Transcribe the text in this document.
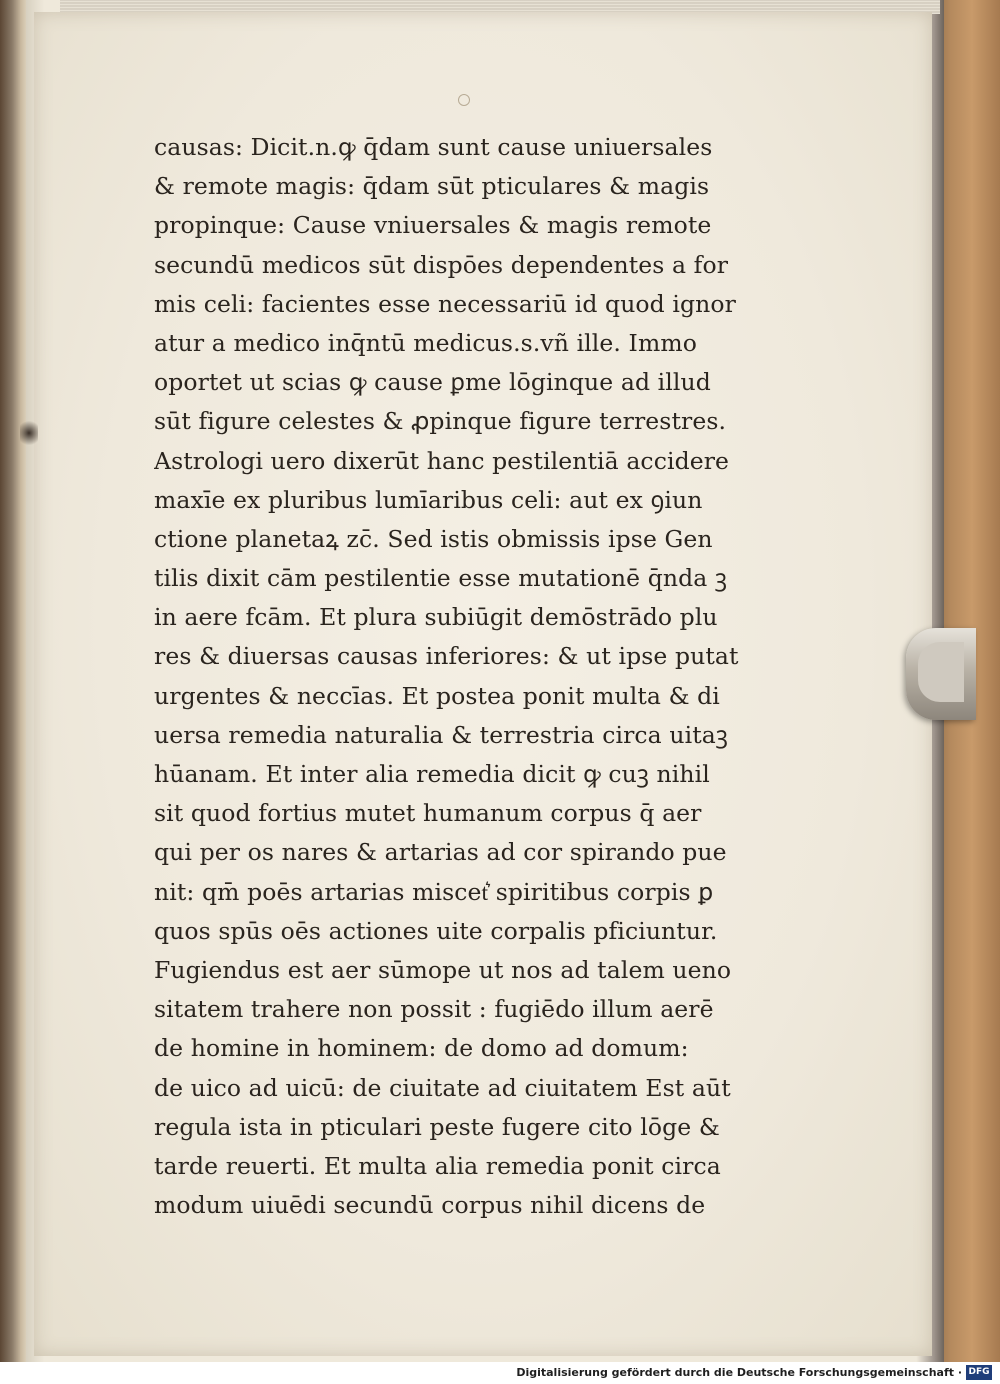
causas: Dicit.n.ꝙ q̄dam sunt cause uniuersales
& remote magis: q̄dam sūt pticulares & magis
propinque: Cause vniuersales & magis remote
secundū medicos sūt dispōes dependentes a for
mis celi: facientes esse necessariū id quod ignor
atur a medico inq̄ntū medicus.s.vñ ille. Immo
oportet ut scias ꝙ cause ꝑme lōginque ad illud
sūt figure celestes & ꝓpinque figure terrestres.
Astrologi uero dixerūt hanc pestilentiā accidere
maxīe ex pluribus lumīaribus celi: aut ex ꝯiun
ctione planetaꝝ zc̄. Sed istis obmissis ipse Gen
tilis dixit cām pestilentie esse mutationē q̄nda ꝫ
in aere fcām. Et plura subiūgit demōstrādo plu
res & diuersas causas inferiores: & ut ipse putat
urgentes & neccīas. Et postea ponit multa & di
uersa remedia naturalia & terrestria circa uitaꝫ
hūanam. Et inter alia remedia dicit ꝙ cuꝫ nihil
sit quod fortius mutet humanum corpus q̄ aer
qui per os nares & artarias ad cor spirando pue
nit: qm̄ poēs artarias miscet͛ spiritibus corpis ꝑ
quos spūs oēs actiones uite corpalis pficiuntur.
Fugiendus est aer sūmope ut nos ad talem ueno
sitatem trahere non possit : fugiēdo illum aerē
de homine in hominem: de domo ad domum:
de uico ad uicū: de ciuitate ad ciuitatem Est aūt
regula ista in pticulari peste fugere cito lōge &
tarde reuerti. Et multa alia remedia ponit circa
modum uiuēdi secundū corpus nihil dicens de
Digitalisierung gefördert durch die Deutsche Forschungsgemeinschaft · DFG
